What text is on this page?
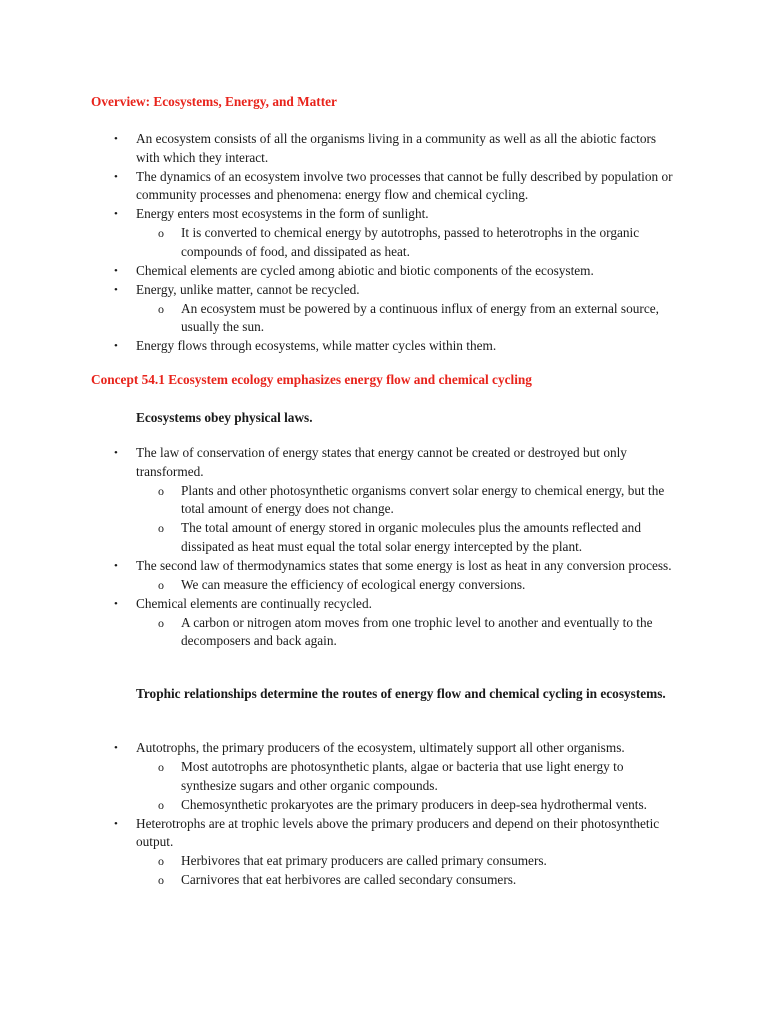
Overview: Ecosystems, Energy, and Matter
• An ecosystem consists of all the organisms living in a community as well as all the abiotic factors with which they interact.
• The dynamics of an ecosystem involve two processes that cannot be fully described by population or community processes and phenomena: energy flow and chemical cycling.
• Energy enters most ecosystems in the form of sunlight.
o It is converted to chemical energy by autotrophs, passed to heterotrophs in the organic compounds of food, and dissipated as heat.
• Chemical elements are cycled among abiotic and biotic components of the ecosystem.
• Energy, unlike matter, cannot be recycled.
o An ecosystem must be powered by a continuous influx of energy from an external source, usually the sun.
• Energy flows through ecosystems, while matter cycles within them.
Concept 54.1 Ecosystem ecology emphasizes energy flow and chemical cycling

Ecosystems obey physical laws.

• The law of conservation of energy states that energy cannot be created or destroyed but only transformed.
o Plants and other photosynthetic organisms convert solar energy to chemical energy, but the total amount of energy does not change.
o The total amount of energy stored in organic molecules plus the amounts reflected and dissipated as heat must equal the total solar energy intercepted by the plant.
• The second law of thermodynamics states that some energy is lost as heat in any conversion process.
o We can measure the efficiency of ecological energy conversions.
• Chemical elements are continually recycled.
o A carbon or nitrogen atom moves from one trophic level to another and eventually to the decomposers and back again.

Trophic relationships determine the routes of energy flow and chemical cycling in ecosystems.

• Autotrophs, the primary producers of the ecosystem, ultimately support all other organisms.
o Most autotrophs are photosynthetic plants, algae or bacteria that use light energy to synthesize sugars and other organic compounds.
o Chemosynthetic prokaryotes are the primary producers in deep-sea hydrothermal vents.
• Heterotrophs are at trophic levels above the primary producers and depend on their photosynthetic output.
o Herbivores that eat primary producers are called primary consumers.
o Carnivores that eat herbivores are called secondary consumers.
